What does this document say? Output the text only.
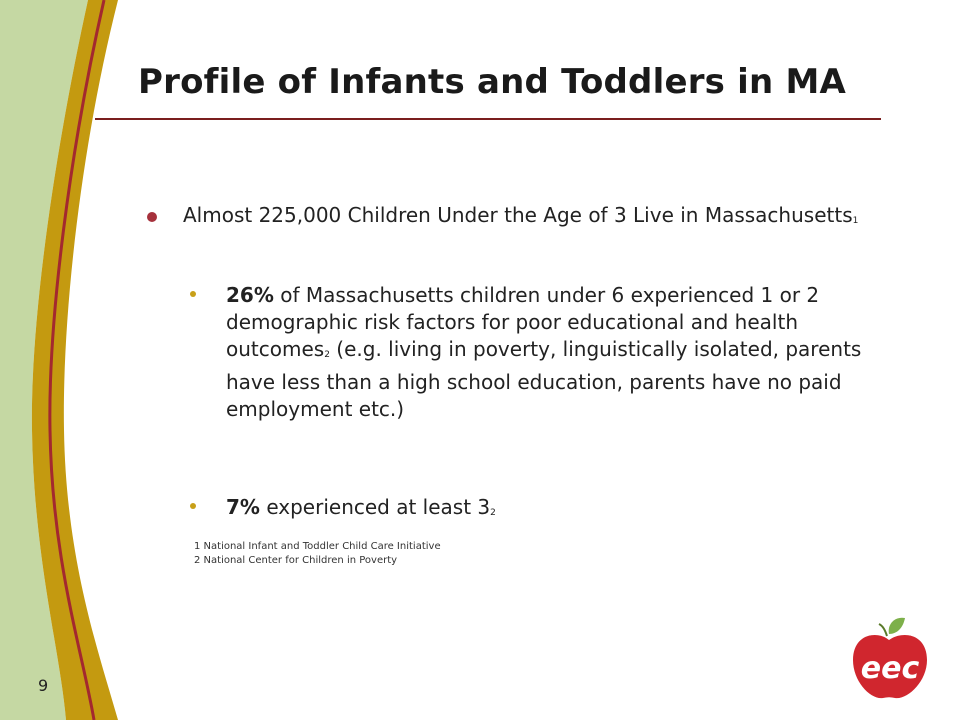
Profile of Infants and Toddlers in MA
Almost 225,000 Children Under the Age of 3 Live in Massachusetts$_1$
26% of Massachusetts children under 6 experienced 1 or 2 demographic risk factors for poor educational and health outcomes$_2$ (e.g. living in poverty, linguistically isolated, parents have less than a high school education, parents have no paid employment etc.)
7% experienced at least $3_2$
1 National Infant and Toddler Child Care Initiative
2 National Center for Children in Poverty
9	eec
